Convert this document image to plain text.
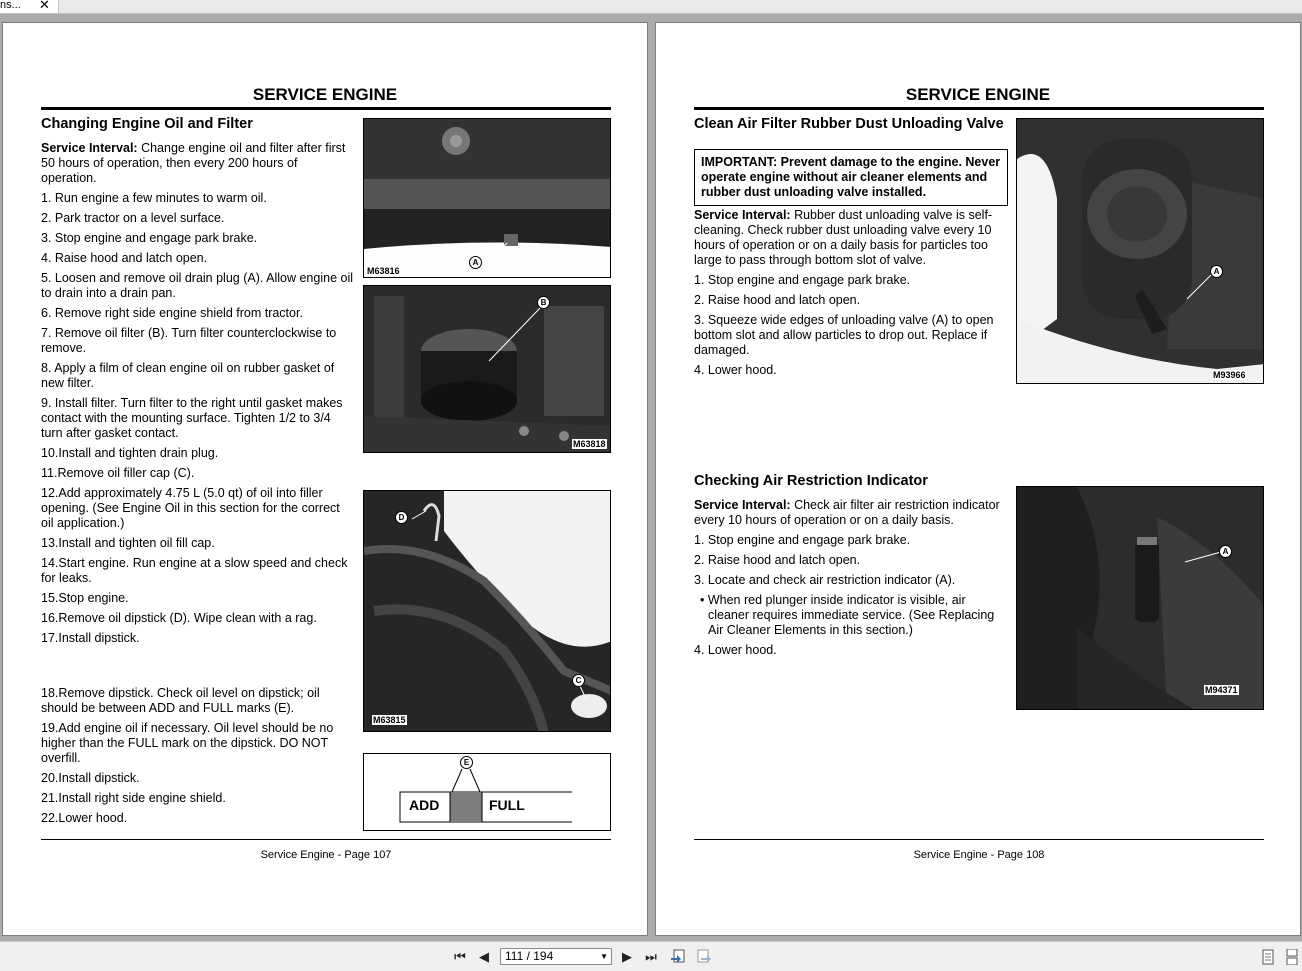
ns... ✕
SERVICE ENGINE
Changing Engine Oil and Filter

Service Interval: Change engine oil and filter after first 50 hours of operation, then every 200 hours of operation.

1. Run engine a few minutes to warm oil.

2. Park tractor on a level surface.

3. Stop engine and engage park brake.

4. Raise hood and latch open.

5. Loosen and remove oil drain plug (A). Allow engine oil to drain into a drain pan.

6. Remove right side engine shield from tractor.

7. Remove oil filter (B). Turn filter counterclockwise to remove.

8. Apply a film of clean engine oil on rubber gasket of new filter.

9. Install filter. Turn filter to the right until gasket makes contact with the mounting surface. Tighten 1/2 to 3/4 turn after gasket contact.

10.Install and tighten drain plug.

11.Remove oil filler cap (C).

12.Add approximately 4.75 L (5.0 qt) of oil into filler opening. (See Engine Oil in this section for the correct oil application.)

13.Install and tighten oil fill cap.

14.Start engine. Run engine at a slow speed and check for leaks.

15.Stop engine.

16.Remove oil dipstick (D). Wipe clean with a rag.

17.Install dipstick.

18.Remove dipstick. Check oil level on dipstick; oil should be between ADD and FULL marks (E).

19.Add engine oil if necessary. Oil level should be no higher than the FULL mark on the dipstick. DO NOT overfill.

20.Install dipstick.

21.Install right side engine shield.

22.Lower hood.

A
M63816
B
M63818
D
C
M63815
E
ADD	FULL
Service Engine - Page 107
SERVICE ENGINE
Clean Air Filter Rubber Dust Unloading Valve
IMPORTANT: Prevent damage to the engine. Never operate engine without air cleaner elements and rubber dust unloading valve installed.

Service Interval: Rubber dust unloading valve is self-cleaning. Check rubber dust unloading valve every 10 hours of operation or on a daily basis for particles too large to pass through bottom slot of valve.

1. Stop engine and engage park brake.

2. Raise hood and latch open.

3. Squeeze wide edges of unloading valve (A) to open bottom slot and allow particles to drop out. Replace if damaged.

4. Lower hood.

A
M93966
Checking Air Restriction Indicator

Service Interval: Check air filter air restriction indicator every 10 hours of operation or on a daily basis.

1. Stop engine and engage park brake.

2. Raise hood and latch open.

3. Locate and check air restriction indicator (A).

• When red plunger inside indicator is visible, air cleaner requires immediate service. (See Replacing Air Cleaner Elements in this section.)

4. Lower hood.

A
M94371
Service Engine - Page 108
⏮ ◀	111 / 194	▼ ▶ ⏭
